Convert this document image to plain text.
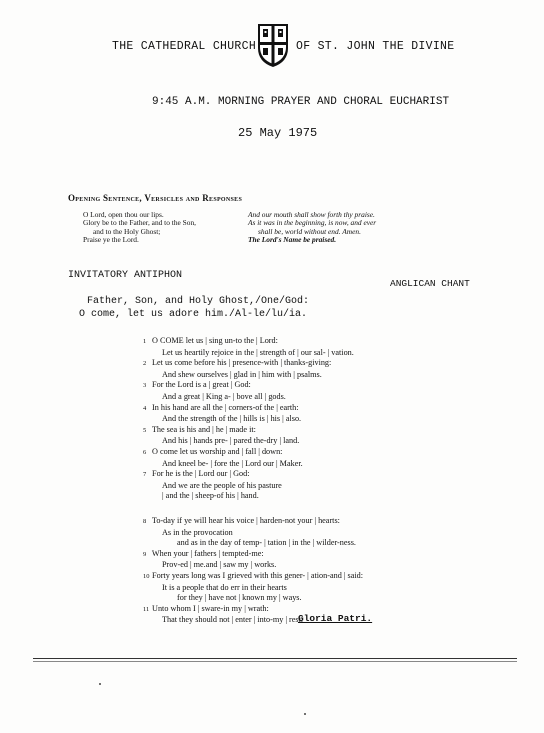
THE CATHEDRAL CHURCH	OF ST. JOHN THE DIVINE
9:45 A.M. MORNING PRAYER AND CHORAL EUCHARIST
25 May 1975
Opening Sentence, Versicles and Responses
O Lord, open thou our lips.
Glory be to the Father, and to the Son,
and to the Holy Ghost;
Praise ye the Lord.
And our mouth shall show forth thy praise.
As it was in the beginning, is now, and ever
shall be, world without end. Amen.
The Lord's Name be praised.
INVITATORY ANTIPHON
ANGLICAN CHANT
Father, Son, and Holy Ghost,/One/God:
O come, let us adore him./Al-le/lu/ia.
1 O COME let us | sing un-to the | Lord:
Let us heartily rejoice in the | strength of | our sal- | vation.
2 Let us come before his | presence-with | thanks-giving:
And shew ourselves | glad in | him with | psalms.
3 For the Lord is a | great | God:
And a great | King a- | bove all | gods.
4 In his hand are all the | corners-of the | earth:
And the strength of the | hills is | his | also.
5 The sea is his and | he | made it:
And his | hands pre- | pared the-dry | land.
6 O come let us worship and | fall | down:
And kneel be- | fore the | Lord our | Maker.
7 For he is the | Lord our | God:
And we are the people of his pasture
| and the | sheep-of his | hand.
8 To-day if ye will hear his voice | harden-not your | hearts:
As in the provocation
and as in the day of temp- | tation | in the | wilder-ness.
9 When your | fathers | tempted-me:
Prov-ed | me.and | saw my | works.
10 Forty years long was I grieved with this gener- | ation-and | said:
It is a people that do err in their hearts
for they | have not | known my | ways.
11 Unto whom I | sware-in my | wrath:
That they should not | enter | into-my | rest.
Gloria Patri.
